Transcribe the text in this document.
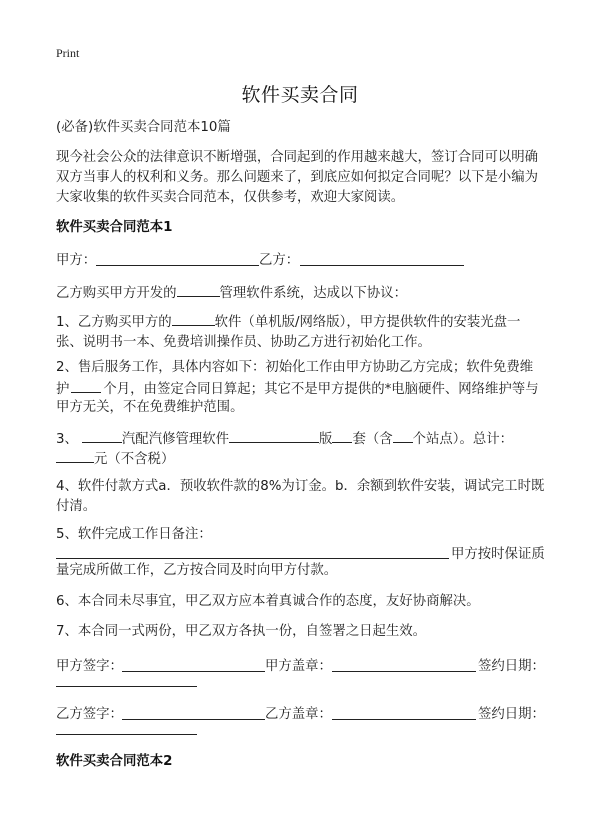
Print
软件买卖合同
(必备)软件买卖合同范本10篇
现今社会公众的法律意识不断增强，合同起到的作用越来越大，签订合同可以明确双方当事人的权利和义务。那么问题来了，到底应如何拟定合同呢？以下是小编为大家收集的软件买卖合同范本，仅供参考，欢迎大家阅读。
软件买卖合同范本1
甲方：	乙方：
乙方购买甲方开发的	管理软件系统，达成以下协议：
1、乙方购买甲方的	软件（单机版/网络版），甲方提供软件的安装光盘一张、说明书一本、免费培训操作员、协助乙方进行初始化工作。
2、售后服务工作，具体内容如下：初始化工作由甲方协助乙方完成；软件免费维
护	个月，由签定合同日算起；其它不是甲方提供的*电脑硬件、网络维护等与
甲方无关，不在免费维护范围。
3、	汽配汽修管理软件	版 套（含 个站点）。总计：
元（不含税）
4、软件付款方式a．预收软件款的8%为订金。b．余额到软件安装，调试完工时既付清。
5、软件完成工作日备注：
甲方按时保证质
量完成所做工作，乙方按合同及时向甲方付款。
6、本合同未尽事宜，甲乙双方应本着真诚合作的态度，友好协商解决。
7、本合同一式两份，甲乙双方各执一份，自签署之日起生效。
甲方签字：	甲方盖章：	签约日期：
乙方签字：	乙方盖章：	签约日期：
软件买卖合同范本2
